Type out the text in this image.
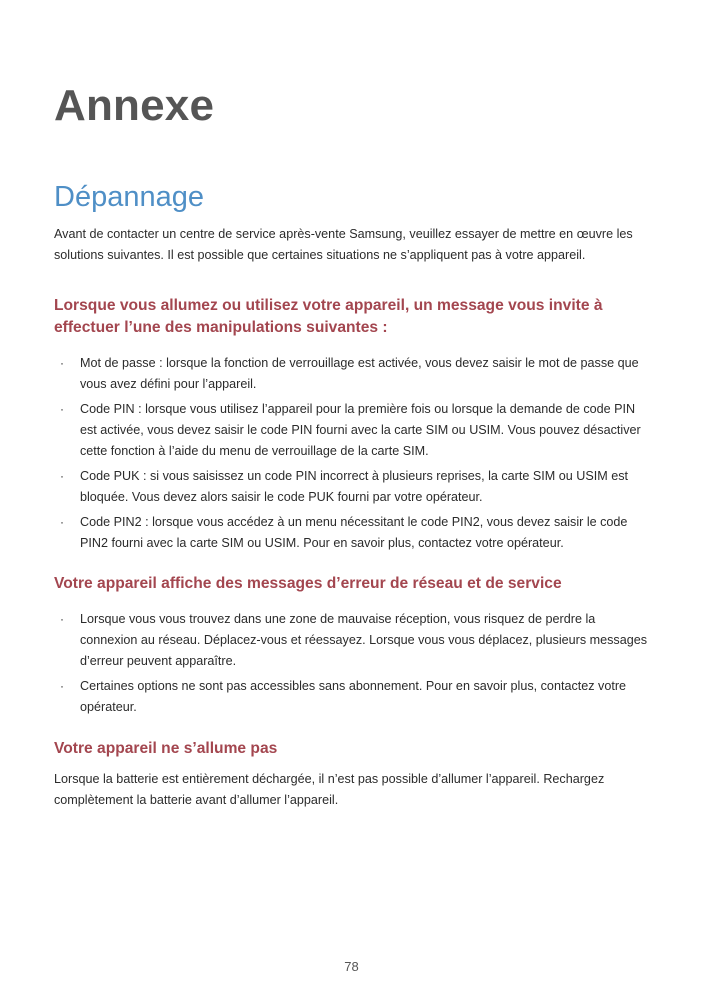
Annexe
Dépannage

Avant de contacter un centre de service après-vente Samsung, veuillez essayer de mettre en œuvre les solutions suivantes. Il est possible que certaines situations ne s’appliquent pas à votre appareil.

Lorsque vous allumez ou utilisez votre appareil, un message vous invite à effectuer l’une des manipulations suivantes :
· Mot de passe : lorsque la fonction de verrouillage est activée, vous devez saisir le mot de passe que vous avez défini pour l’appareil.
· Code PIN : lorsque vous utilisez l’appareil pour la première fois ou lorsque la demande de code PIN est activée, vous devez saisir le code PIN fourni avec la carte SIM ou USIM. Vous pouvez désactiver cette fonction à l’aide du menu de verrouillage de la carte SIM.
· Code PUK : si vous saisissez un code PIN incorrect à plusieurs reprises, la carte SIM ou USIM est bloquée. Vous devez alors saisir le code PUK fourni par votre opérateur.
· Code PIN2 : lorsque vous accédez à un menu nécessitant le code PIN2, vous devez saisir le code PIN2 fourni avec la carte SIM ou USIM. Pour en savoir plus, contactez votre opérateur.
Votre appareil affiche des messages d’erreur de réseau et de service
· Lorsque vous vous trouvez dans une zone de mauvaise réception, vous risquez de perdre la connexion au réseau. Déplacez-vous et réessayez. Lorsque vous vous déplacez, plusieurs messages d’erreur peuvent apparaître.
· Certaines options ne sont pas accessibles sans abonnement. Pour en savoir plus, contactez votre opérateur.
Votre appareil ne s’allume pas

Lorsque la batterie est entièrement déchargée, il n’est pas possible d’allumer l’appareil. Rechargez complètement la batterie avant d’allumer l’appareil.

78
